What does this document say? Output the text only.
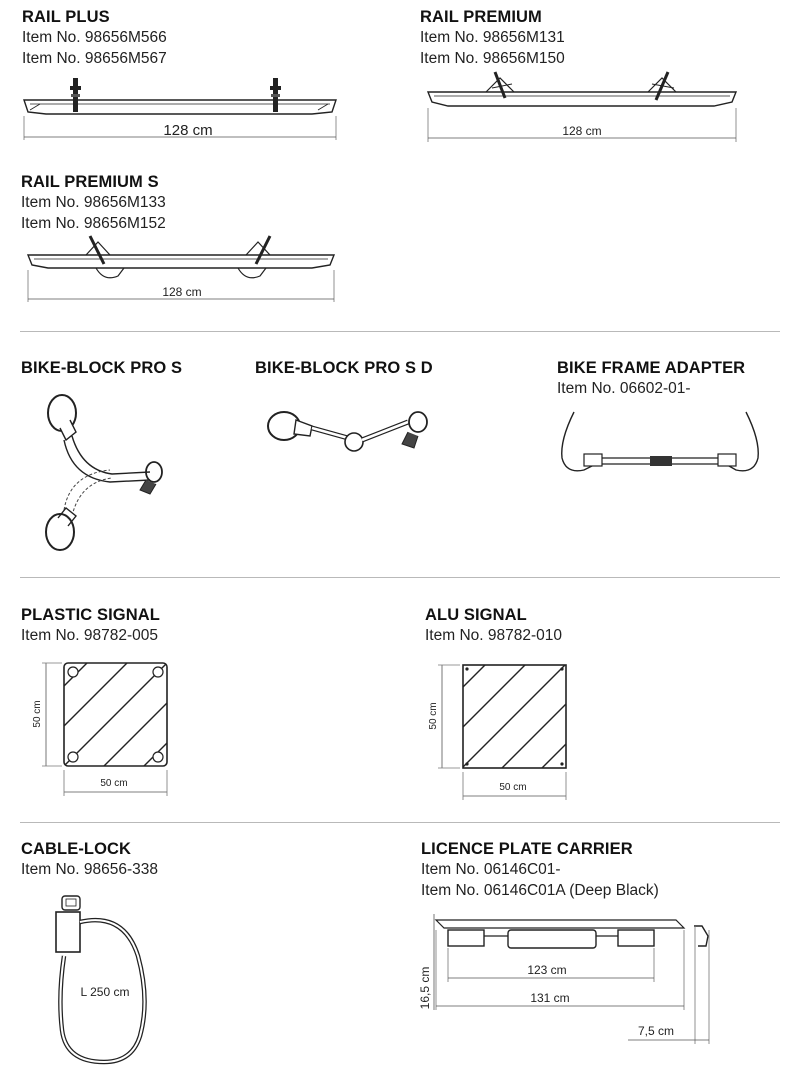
RAIL PLUS
Item No. 98656M566
Item No. 98656M567
128 cm
RAIL PREMIUM
Item No. 98656M131
Item No. 98656M150
128 cm
RAIL PREMIUM S
Item No. 98656M133
Item No. 98656M152
128 cm
BIKE-BLOCK PRO S	BIKE-BLOCK PRO S D	BIKE FRAME ADAPTER
Item No. 06602-01-
PLASTIC SIGNAL
Item No. 98782-005
50 cm
50 cm
ALU SIGNAL
Item No. 98782-010
50 cm
50 cm
CABLE-LOCK
Item No. 98656-338
L 250 cm
LICENCE PLATE CARRIER
Item No. 06146C01-
Item No. 06146C01A (Deep Black)
7,5 cm
123 cm
131 cm
16,5 cm
